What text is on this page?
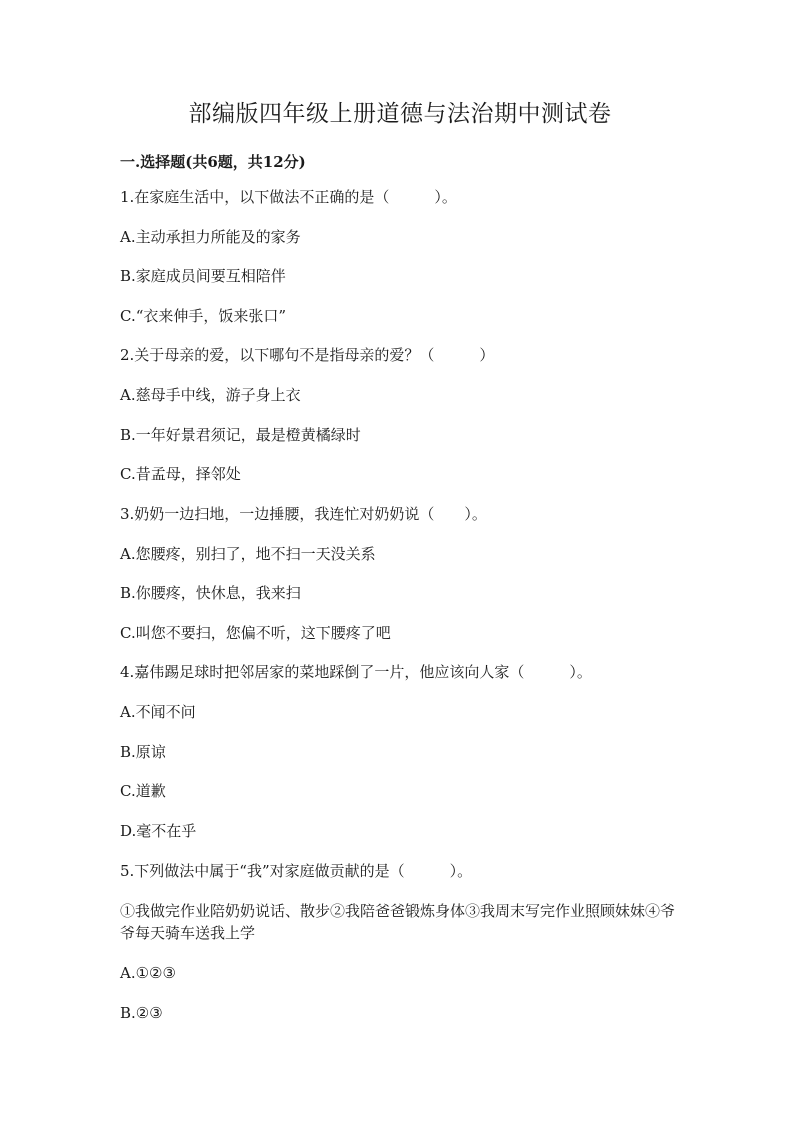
部编版四年级上册道德与法治期中测试卷
一.选择题(共6题，共12分)
1.在家庭生活中，以下做法不正确的是（　　　）。
A.主动承担力所能及的家务
B.家庭成员间要互相陪伴
C.“衣来伸手，饭来张口”
2.关于母亲的爱，以下哪句不是指母亲的爱？（　　　）
A.慈母手中线，游子身上衣
B.一年好景君须记，最是橙黄橘绿时
C.昔孟母，择邻处
3.奶奶一边扫地，一边捶腰，我连忙对奶奶说（　　）。
A.您腰疼，别扫了，地不扫一天没关系
B.你腰疼，快休息，我来扫
C.叫您不要扫，您偏不听，这下腰疼了吧
4.嘉伟踢足球时把邻居家的菜地踩倒了一片，他应该向人家（　　　）。
A.不闻不问
B.原谅
C.道歉
D.毫不在乎
5.下列做法中属于“我”对家庭做贡献的是（　　　）。
①我做完作业陪奶奶说话、散步②我陪爸爸锻炼身体③我周末写完作业照顾妹妹④爷爷每天骑车送我上学
A.①②③
B.②③
